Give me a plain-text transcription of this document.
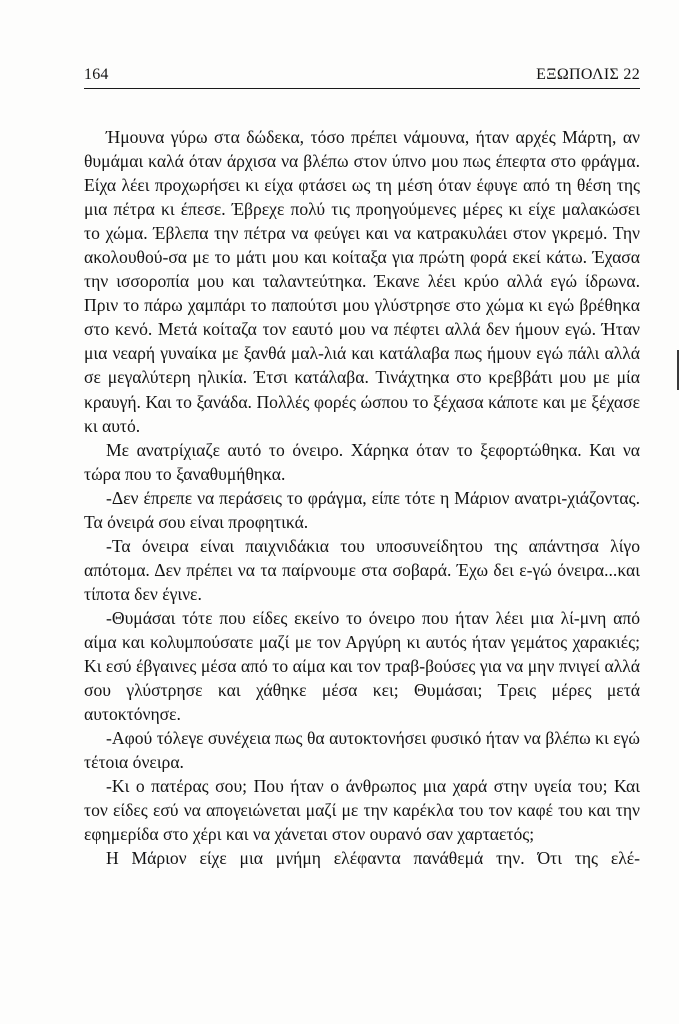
164	ΕΞΩΠΟΛΙΣ 22

Ήμουνα γύρω στα δώδεκα, τόσο πρέπει νάμουνα, ήταν αρχές Μάρτη, αν θυμάμαι καλά όταν άρχισα να βλέπω στον ύπνο μου πως έπεφτα στο φράγμα. Είχα λέει προχωρήσει κι είχα φτάσει ως τη μέση όταν έφυγε από τη θέση της μια πέτρα κι έπεσε. Έβρεχε πολύ τις προηγούμενες μέρες κι είχε μαλακώσει το χώμα. Έβλεπα την πέτρα να φεύγει και να κατρακυλάει στον γκρεμό. Την ακολουθού-σα με το μάτι μου και κοίταξα για πρώτη φορά εκεί κάτω. Έχασα την ισσοροπία μου και ταλαντεύτηκα. Έκανε λέει κρύο αλλά εγώ ίδρωνα. Πριν το πάρω χαμπάρι το παπούτσι μου γλύστρησε στο χώμα κι εγώ βρέθηκα στο κενό. Μετά κοίταζα τον εαυτό μου να πέφτει αλλά δεν ήμουν εγώ. Ήταν μια νεαρή γυναίκα με ξανθά μαλ-λιά και κατάλαβα πως ήμουν εγώ πάλι αλλά σε μεγαλύτερη ηλικία. Έτσι κατάλαβα. Τινάχτηκα στο κρεββάτι μου με μία κραυγή. Και το ξανάδα. Πολλές φορές ώσπου το ξέχασα κάποτε και με ξέχασε κι αυτό.

Με ανατρίχιαζε αυτό το όνειρο. Χάρηκα όταν το ξεφορτώθηκα. Και να τώρα που το ξαναθυμήθηκα.

-Δεν έπρεπε να περάσεις το φράγμα, είπε τότε η Μάριον ανατρι-χιάζοντας. Τα όνειρά σου είναι προφητικά.

-Τα όνειρα είναι παιχνιδάκια του υποσυνείδητου της απάντησα λίγο απότομα. Δεν πρέπει να τα παίρνουμε στα σοβαρά. Έχω δει ε-γώ όνειρα...και τίποτα δεν έγινε.

-Θυμάσαι τότε που είδες εκείνο το όνειρο που ήταν λέει μια λί-μνη από αίμα και κολυμπούσατε μαζί με τον Αργύρη κι αυτός ήταν γεμάτος χαρακιές; Κι εσύ έβγαινες μέσα από το αίμα και τον τραβ-βούσες για να μην πνιγεί αλλά σου γλύστρησε και χάθηκε μέσα κει; Θυμάσαι; Τρεις μέρες μετά αυτοκτόνησε.

-Αφού τόλεγε συνέχεια πως θα αυτοκτονήσει φυσικό ήταν να βλέπω κι εγώ τέτοια όνειρα.

-Κι ο πατέρας σου; Που ήταν ο άνθρωπος μια χαρά στην υγεία του; Και τον είδες εσύ να απογειώνεται μαζί με την καρέκλα του τον καφέ του και την εφημερίδα στο χέρι και να χάνεται στον ουρανό σαν χαρταετός;

Η Μάριον είχε μια μνήμη ελέφαντα πανάθεμά την. Ότι της ελέ-
